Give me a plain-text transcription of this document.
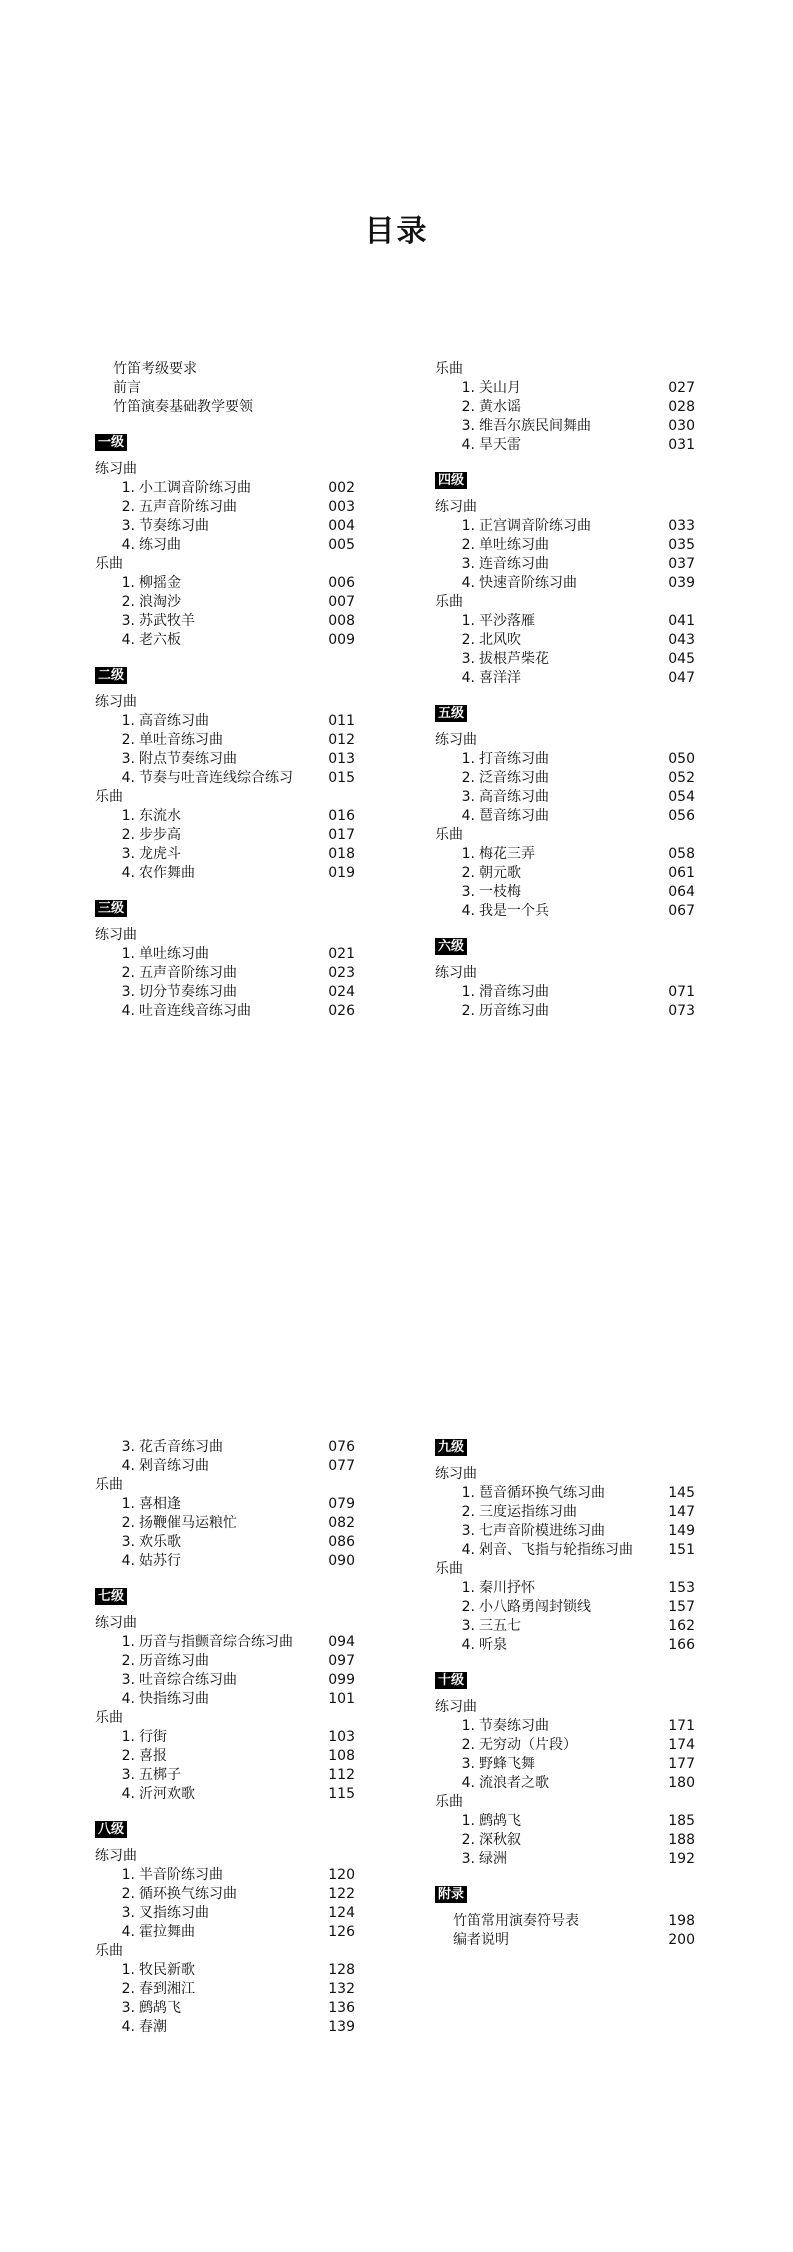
目录
竹笛考级要求
前言
竹笛演奏基础教学要领
一级
练习曲
1. 小工调音阶练习曲	002
2. 五声音阶练习曲	003
3. 节奏练习曲	004
4. 练习曲	005
乐曲
1. 柳摇金	006
2. 浪淘沙	007
3. 苏武牧羊	008
4. 老六板	009
二级
练习曲
1. 高音练习曲	011
2. 单吐音练习曲	012
3. 附点节奏练习曲	013
4. 节奏与吐音连线综合练习	015
乐曲
1. 东流水	016
2. 步步高	017
3. 龙虎斗	018
4. 农作舞曲	019
三级
练习曲
1. 单吐练习曲	021
2. 五声音阶练习曲	023
3. 切分节奏练习曲	024
4. 吐音连线音练习曲	026
乐曲
1. 关山月	027
2. 黄水谣	028
3. 维吾尔族民间舞曲	030
4. 旱天雷	031
四级
练习曲
1. 正宫调音阶练习曲	033
2. 单吐练习曲	035
3. 连音练习曲	037
4. 快速音阶练习曲	039
乐曲
1. 平沙落雁	041
2. 北风吹	043
3. 拔根芦柴花	045
4. 喜洋洋	047
五级
练习曲
1. 打音练习曲	050
2. 泛音练习曲	052
3. 高音练习曲	054
4. 琶音练习曲	056
乐曲
1. 梅花三弄	058
2. 朝元歌	061
3. 一枝梅	064
4. 我是一个兵	067
六级
练习曲
1. 滑音练习曲	071
2. 历音练习曲	073
3. 花舌音练习曲	076
4. 剁音练习曲	077
乐曲
1. 喜相逢	079
2. 扬鞭催马运粮忙	082
3. 欢乐歌	086
4. 姑苏行	090
七级
练习曲
1. 历音与指颤音综合练习曲	094
2. 历音练习曲	097
3. 吐音综合练习曲	099
4. 快指练习曲	101
乐曲
1. 行街	103
2. 喜报	108
3. 五梆子	112
4. 沂河欢歌	115
八级
练习曲
1. 半音阶练习曲	120
2. 循环换气练习曲	122
3. 叉指练习曲	124
4. 霍拉舞曲	126
乐曲
1. 牧民新歌	128
2. 春到湘江	132
3. 鹧鸪飞	136
4. 春潮	139
九级
练习曲
1. 琶音循环换气练习曲	145
2. 三度运指练习曲	147
3. 七声音阶模进练习曲	149
4. 剁音、飞指与轮指练习曲	151
乐曲
1. 秦川抒怀	153
2. 小八路勇闯封锁线	157
3. 三五七	162
4. 听泉	166
十级
练习曲
1. 节奏练习曲	171
2. 无穷动（片段）	174
3. 野蜂飞舞	177
4. 流浪者之歌	180
乐曲
1. 鹧鸪飞	185
2. 深秋叙	188
3. 绿洲	192
附录
竹笛常用演奏符号表	198
编者说明	200
